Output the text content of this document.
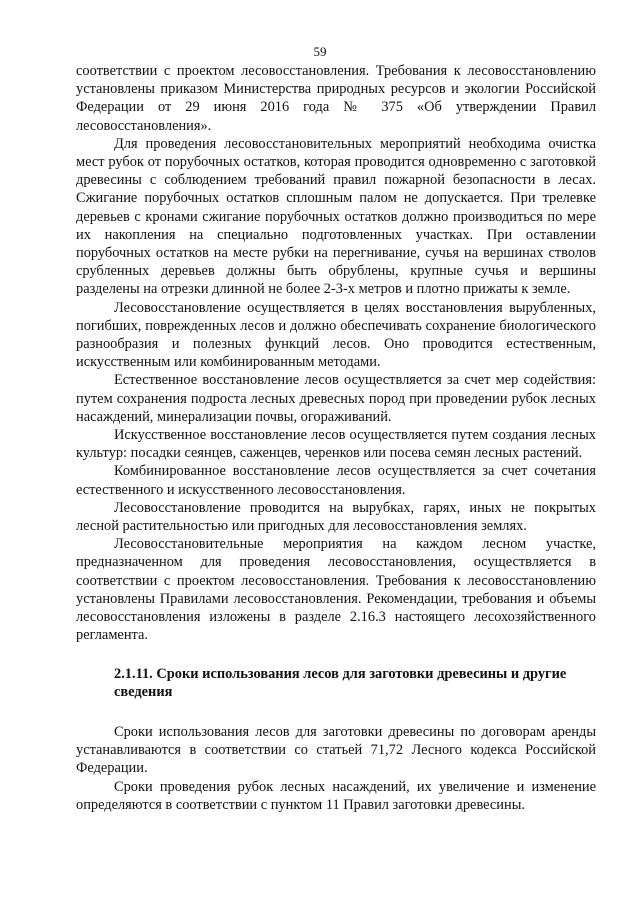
59

соответствии с проектом лесовосстановления. Требования к лесовосстановлению установлены приказом Министерства природных ресурсов и экологии Российской Федерации от 29 июня 2016 года № 375 «Об утверждении Правил лесовосстановления».

Для проведения лесовосстановительных мероприятий необходима очистка мест рубок от порубочных остатков, которая проводится одновременно с заготовкой древесины с соблюдением требований правил пожарной безопасности в лесах. Сжигание порубочных остатков сплошным палом не допускается. При трелевке деревьев с кронами сжигание порубочных остатков должно производиться по мере их накопления на специально подготовленных участках. При оставлении порубочных остатков на месте рубки на перегнивание, сучья на вершинах стволов срубленных деревьев должны быть обрублены, крупные сучья и вершины разделены на отрезки длинной не более 2-3-х метров и плотно прижаты к земле.

Лесовосстановление осуществляется в целях восстановления вырубленных, погибших, поврежденных лесов и должно обеспечивать сохранение биологического разнообразия и полезных функций лесов. Оно проводится естественным, искусственным или комбинированным методами.

Естественное восстановление лесов осуществляется за счет мер содействия: путем сохранения подроста лесных древесных пород при проведении рубок лесных насаждений, минерализации почвы, огораживаний.

Искусственное восстановление лесов осуществляется путем создания лесных культур: посадки сеянцев, саженцев, черенков или посева семян лесных растений.

Комбинированное восстановление лесов осуществляется за счет сочетания естественного и искусственного лесовосстановления.

Лесовосстановление проводится на вырубках, гарях, иных не покрытых лесной растительностью или пригодных для лесовосстановления землях.

Лесовосстановительные мероприятия на каждом лесном участке, предназначенном для проведения лесовосстановления, осуществляется в соответствии с проектом лесовосстановления. Требования к лесовосстановлению установлены Правилами лесовосстановления. Рекомендации, требования и объемы лесовосстановления изложены в разделе 2.16.3 настоящего лесохозяйственного регламента.

2.1.11. Сроки использования лесов для заготовки древесины и другие сведения

Сроки использования лесов для заготовки древесины по договорам аренды устанавливаются в соответствии со статьей 71,72 Лесного кодекса Российской Федерации.

Сроки проведения рубок лесных насаждений, их увеличение и изменение определяются в соответствии с пунктом 11 Правил заготовки древесины.
